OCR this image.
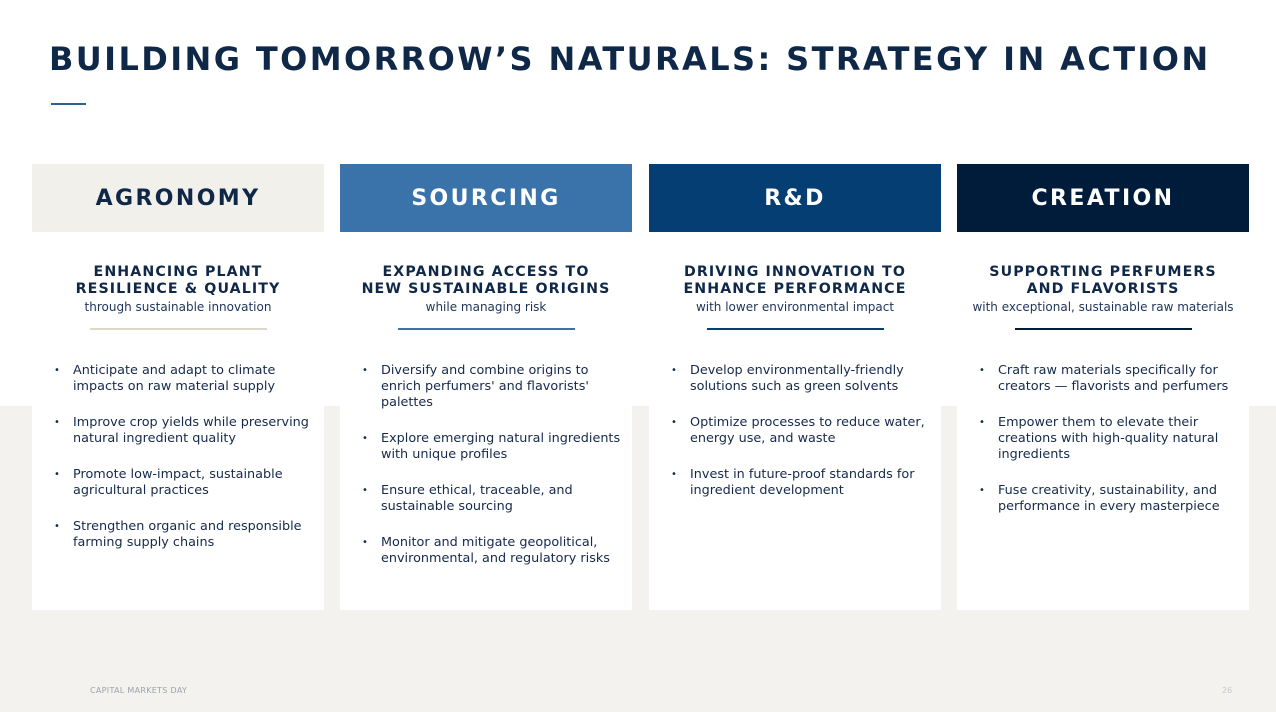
BUILDING TOMORROW’S NATURALS: STRATEGY IN ACTION
AGRONOMY
ENHANCING PLANT
RESILIENCE & QUALITY
through sustainable innovation
• Anticipate and adapt to climate impacts on raw material supply
• Improve crop yields while preserving natural ingredient quality
• Promote low-impact, sustainable agricultural practices
• Strengthen organic and responsible farming supply chains
SOURCING
EXPANDING ACCESS TO
NEW SUSTAINABLE ORIGINS
while managing risk
• Diversify and combine origins to enrich perfumers' and flavorists' palettes
• Explore emerging natural ingredients with unique profiles
• Ensure ethical, traceable, and sustainable sourcing
• Monitor and mitigate geopolitical, environmental, and regulatory risks
R&D
DRIVING INNOVATION TO
ENHANCE PERFORMANCE
with lower environmental impact
• Develop environmentally-friendly solutions such as green solvents
• Optimize processes to reduce water, energy use, and waste
• Invest in future-proof standards for ingredient development
CREATION
SUPPORTING PERFUMERS
AND FLAVORISTS
with exceptional, sustainable raw materials
• Craft raw materials specifically for creators — flavorists and perfumers
• Empower them to elevate their creations with high-quality natural ingredients
• Fuse creativity, sustainability, and performance in every masterpiece
CAPITAL MARKETS DAY	26
